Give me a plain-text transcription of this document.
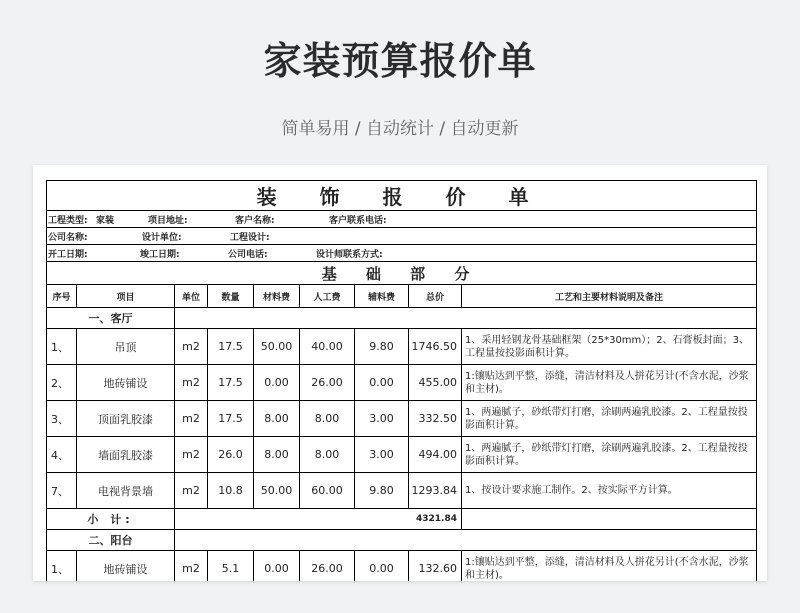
家装预算报价单
简单易用 / 自动统计 / 自动更新
装 饰 报 价 单								
工程类型: 家装 项目地址: 客户名称: 客户联系电话:								
公司名称: 设计单位: 工程设计:								
开工日期: 竣工日期: 公司电话: 设计师联系方式:								
基 础 部 分								
序号	项目	单位	数量	材料费	人工费	辅料费	总价	工艺和主要材料说明及备注
一、客厅								
1、	吊顶	m2	17.5	50.00	40.00	9.80	1746.50	1、采用轻钢龙骨基础框架（25*30mm）；2、石膏板封面；3、工程量按投影面积计算。
2、	地砖铺设	m2	17.5	0.00	26.00	0.00	455.00	1:镶贴达到平整，添缝，清洁材料及人拼花另计(不含水泥，沙浆和主材)。
3、	顶面乳胶漆	m2	17.5	8.00	8.00	3.00	332.50	1、两遍腻子，砂纸带灯打磨，涂刷两遍乳胶漆。2、工程量按投影面积计算。
4、	墙面乳胶漆	m2	26.0	8.00	8.00	3.00	494.00	1、两遍腻子，砂纸带灯打磨，涂刷两遍乳胶漆。2、工程量按投影面积计算。
7、	电视背景墙	m2	10.8	50.00	60.00	9.80	1293.84	1、按设计要求施工制作。2、按实际平方计算。
小 计:		4321.84						
二、阳台								
1、	地砖铺设	m2	5.1	0.00	26.00	0.00	132.60	1:镶贴达到平整，添缝，清洁材料及人拼花另计(不含水泥，沙浆和主材)。
